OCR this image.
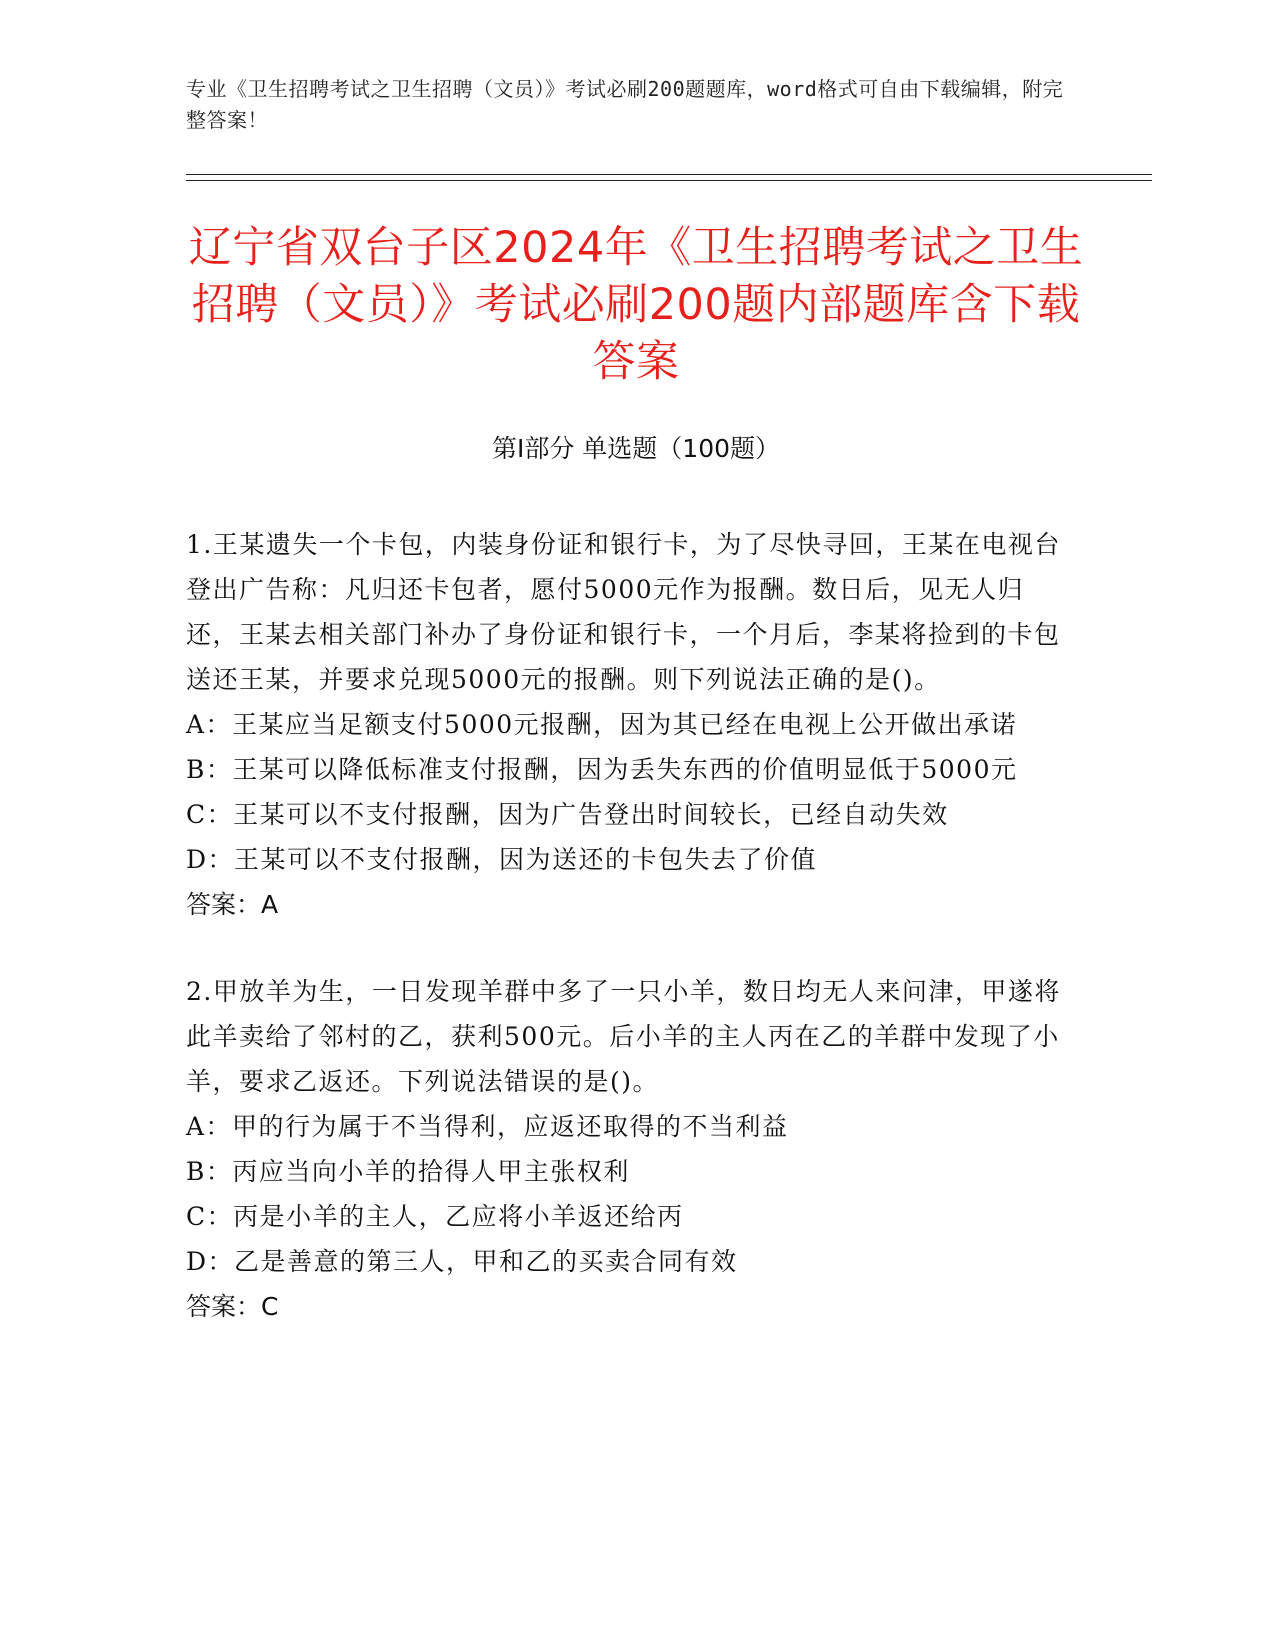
专业《卫生招聘考试之卫生招聘（文员）》考试必刷200题题库，word格式可自由下载编辑，附完整答案！
辽宁省双台子区2024年《卫生招聘考试之卫生招聘（文员）》考试必刷200题内部题库含下载答案
第Ⅰ部分 单选题（100题）
1.王某遗失一个卡包，内装身份证和银行卡，为了尽快寻回，王某在电视台登出广告称：凡归还卡包者，愿付5000元作为报酬。数日后，见无人归还，王某去相关部门补办了身份证和银行卡，一个月后，李某将捡到的卡包送还王某，并要求兑现5000元的报酬。则下列说法正确的是()。
A：王某应当足额支付5000元报酬，因为其已经在电视上公开做出承诺
B：王某可以降低标准支付报酬，因为丢失东西的价值明显低于5000元
C：王某可以不支付报酬，因为广告登出时间较长，已经自动失效
D：王某可以不支付报酬，因为送还的卡包失去了价值
答案：A
2.甲放羊为生，一日发现羊群中多了一只小羊，数日均无人来问津，甲遂将此羊卖给了邻村的乙，获利500元。后小羊的主人丙在乙的羊群中发现了小羊，要求乙返还。下列说法错误的是()。
A：甲的行为属于不当得利，应返还取得的不当利益
B：丙应当向小羊的拾得人甲主张权利
C：丙是小羊的主人，乙应将小羊返还给丙
D：乙是善意的第三人，甲和乙的买卖合同有效
答案：C
